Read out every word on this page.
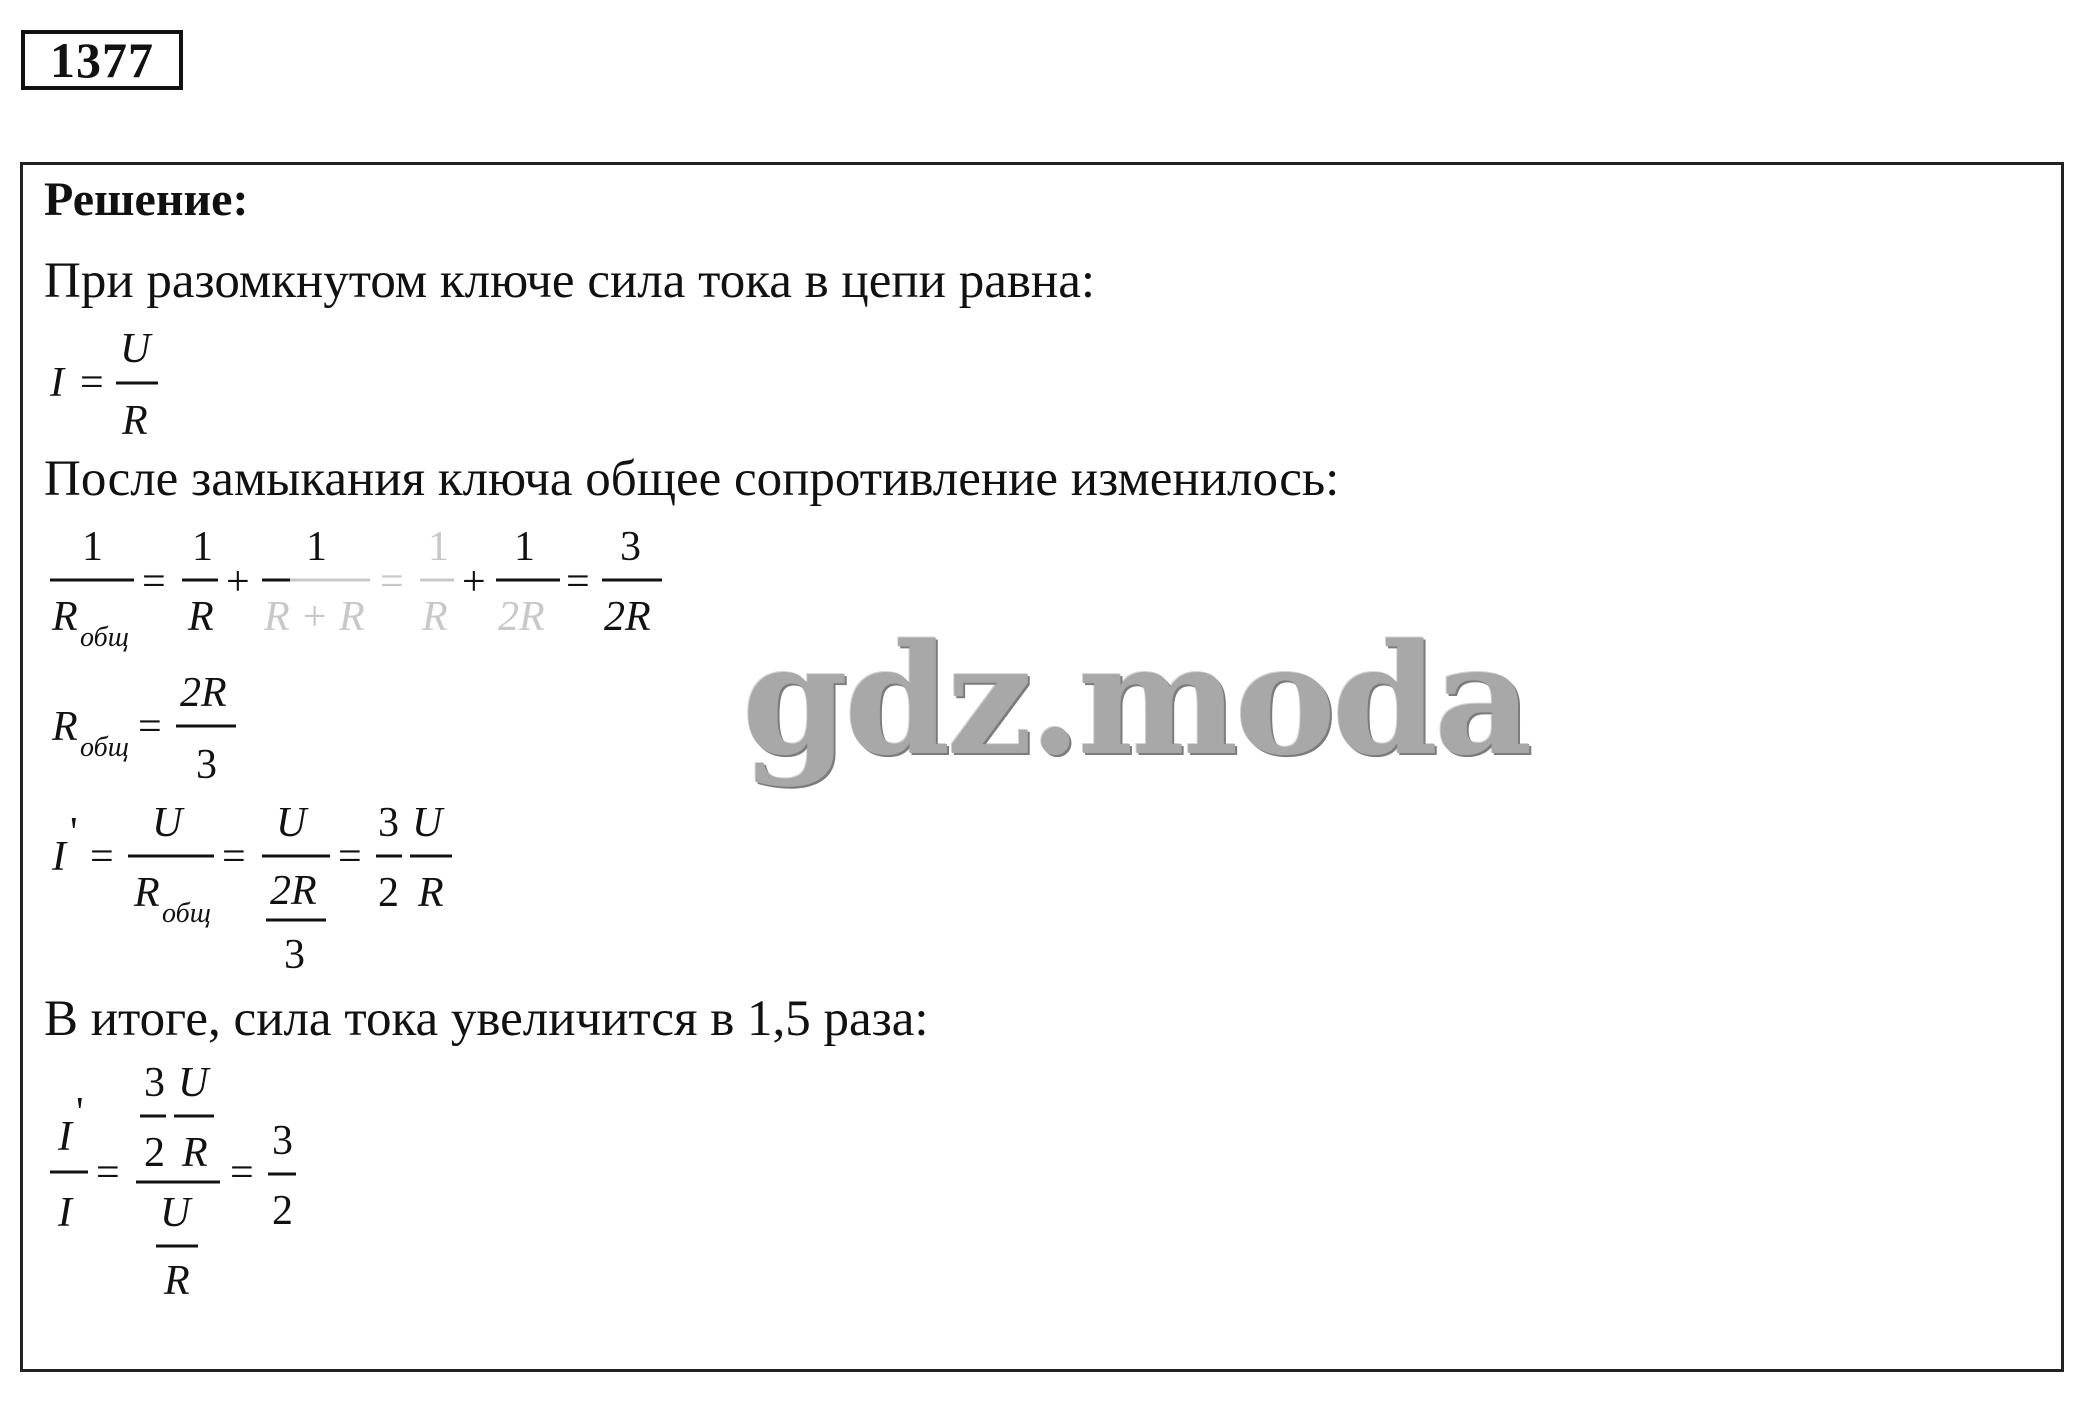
1377
Решение:
При разомкнутом ключе сила тока в цепи равна:
После замыкания ключа общее сопротивление изменилось:
В итоге, сила тока увеличится в 1,5 раза:
I =
U
R
1
R общ
=
1
R
+
1
R + R
=
1
R
+
1
2R
=
3
2R
R общ =
2R
3
I
'
=
U
R общ
=
U
2R
3
=
3
2
U
R
I
'
I
=
3
2
U
R
U
R
=
3
2
gdz.moda
